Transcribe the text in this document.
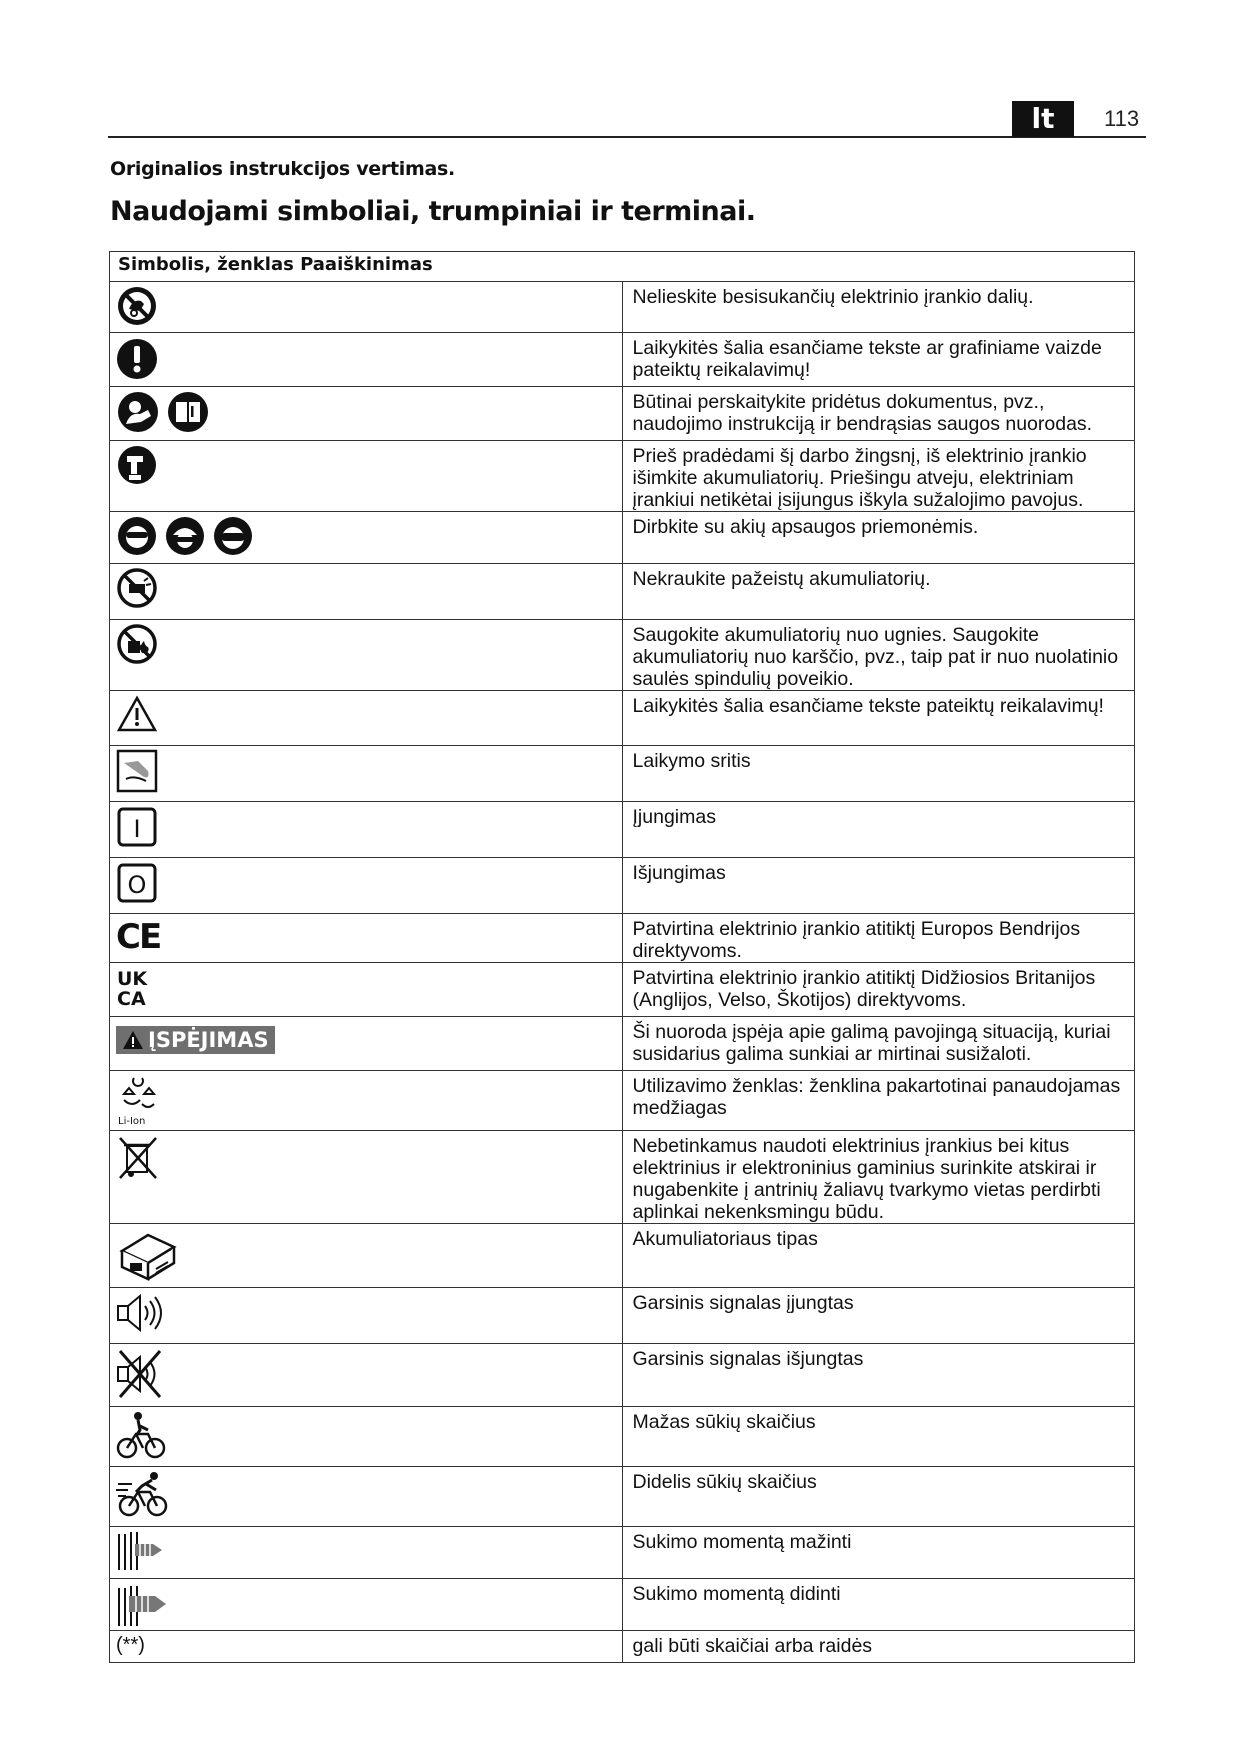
lt	113
Originalios instrukcijos vertimas.
Naudojami simboliai, trumpiniai ir terminai.
Simbolis, ženklas Paaiškinimas	

	Nelieskite besisukančių elektrinio įrankio dalių.

	Laikykitės šalia esančiame tekste ar grafiniame vaizde pateiktų reikalavimų!

	Būtinai perskaitykite pridėtus dokumentus, pvz., naudojimo instrukciją ir bendrąsias saugos nuorodas.

	Prieš pradėdami šį darbo žingsnį, iš elektrinio įrankio išimkite akumuliatorių. Priešingu atveju, elektriniam įrankiui netikėtai įsijungus iškyla sužalojimo pavojus.

	Dirbkite su akių apsaugos priemonėmis.

	Nekraukite pažeistų akumuliatorių.

	Saugokite akumuliatorių nuo ugnies. Saugokite akumuliatorių nuo karščio, pvz., taip pat ir nuo nuolatinio saulės spindulių poveikio.

	Laikykitės šalia esančiame tekste pateiktų reikalavimų!

	Laikymo sritis

I	Įjungimas

O	Išjungimas

CE	Patvirtina elektrinio įrankio atitiktį Europos Bendrijos direktyvoms.

UK
CA	Patvirtina elektrinio įrankio atitiktį Didžiosios Britanijos (Anglijos, Velso, Škotijos) direktyvoms.

ĮSPĖJIMAS	Ši nuoroda įspėja apie galimą pavojingą situaciją, kuriai susidarius galima sunkiai ar mirtinai susižaloti.

Li-Ion	Utilizavimo ženklas: ženklina pakartotinai panaudojamas medžiagas

	Nebetinkamus naudoti elektrinius įrankius bei kitus elektrinius ir elektroninius gaminius surinkite atskirai ir nugabenkite į antrinių žaliavų tvarkymo vietas perdirbti aplinkai nekenksmingu būdu.

	Akumuliatoriaus tipas

	Garsinis signalas įjungtas

	Garsinis signalas išjungtas

	Mažas sūkių skaičius

	Didelis sūkių skaičius

	Sukimo momentą mažinti

	Sukimo momentą didinti
(**)	gali būti skaičiai arba raidės
